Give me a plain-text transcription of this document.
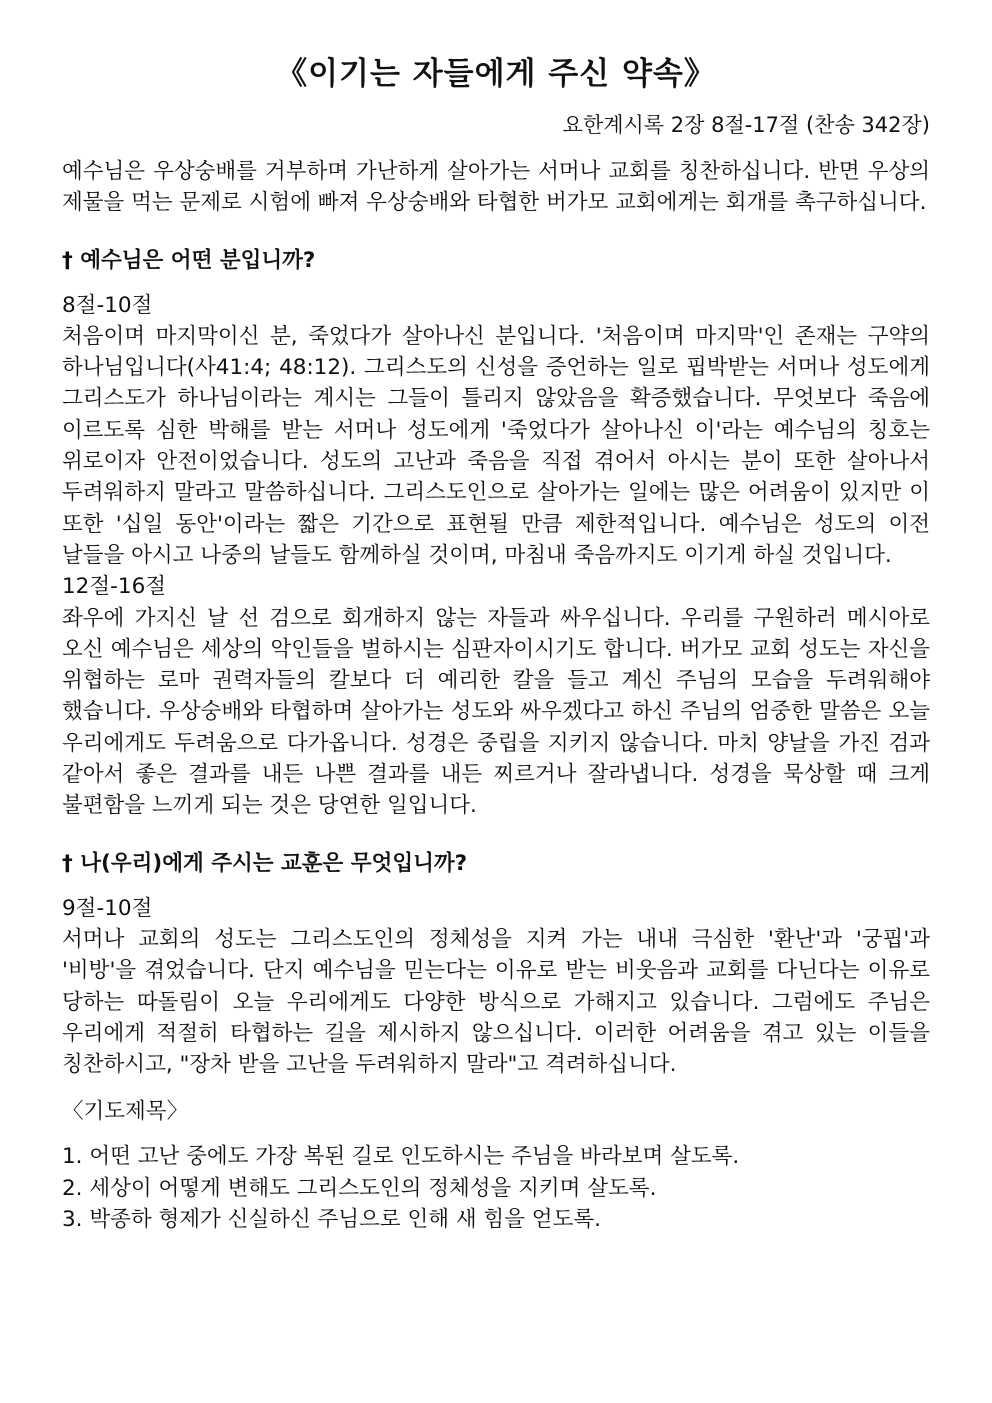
《이기는 자들에게 주신 약속》
요한계시록 2장 8절-17절 (찬송 342장)

예수님은 우상숭배를 거부하며 가난하게 살아가는 서머나 교회를 칭찬하십니다. 반면 우상의 제물을 먹는 문제로 시험에 빠져 우상숭배와 타협한 버가모 교회에게는 회개를 촉구하십니다.

† 예수님은 어떤 분입니까?
8절-10절

처음이며 마지막이신 분, 죽었다가 살아나신 분입니다. '처음이며 마지막'인 존재는 구약의 하나님입니다(사41:4; 48:12). 그리스도의 신성을 증언하는 일로 핍박받는 서머나 성도에게 그리스도가 하나님이라는 계시는 그들이 틀리지 않았음을 확증했습니다. 무엇보다 죽음에 이르도록 심한 박해를 받는 서머나 성도에게 '죽었다가 살아나신 이'라는 예수님의 칭호는 위로이자 안전이었습니다. 성도의 고난과 죽음을 직접 겪어서 아시는 분이 또한 살아나서 두려워하지 말라고 말씀하십니다. 그리스도인으로 살아가는 일에는 많은 어려움이 있지만 이 또한 '십일 동안'이라는 짧은 기간으로 표현될 만큼 제한적입니다. 예수님은 성도의 이전 날들을 아시고 나중의 날들도 함께하실 것이며, 마침내 죽음까지도 이기게 하실 것입니다.

12절-16절

좌우에 가지신 날 선 검으로 회개하지 않는 자들과 싸우십니다. 우리를 구원하러 메시아로 오신 예수님은 세상의 악인들을 벌하시는 심판자이시기도 합니다. 버가모 교회 성도는 자신을 위협하는 로마 권력자들의 칼보다 더 예리한 칼을 들고 계신 주님의 모습을 두려워해야 했습니다. 우상숭배와 타협하며 살아가는 성도와 싸우겠다고 하신 주님의 엄중한 말씀은 오늘 우리에게도 두려움으로 다가옵니다. 성경은 중립을 지키지 않습니다. 마치 양날을 가진 검과 같아서 좋은 결과를 내든 나쁜 결과를 내든 찌르거나 잘라냅니다. 성경을 묵상할 때 크게 불편함을 느끼게 되는 것은 당연한 일입니다.

† 나(우리)에게 주시는 교훈은 무엇입니까?
9절-10절

서머나 교회의 성도는 그리스도인의 정체성을 지켜 가는 내내 극심한 '환난'과 '궁핍'과 '비방'을 겪었습니다. 단지 예수님을 믿는다는 이유로 받는 비웃음과 교회를 다닌다는 이유로 당하는 따돌림이 오늘 우리에게도 다양한 방식으로 가해지고 있습니다. 그럼에도 주님은 우리에게 적절히 타협하는 길을 제시하지 않으십니다. 이러한 어려움을 겪고 있는 이들을 칭찬하시고, "장차 받을 고난을 두려워하지 말라"고 격려하십니다.

〈기도제목〉
1. 어떤 고난 중에도 가장 복된 길로 인도하시는 주님을 바라보며 살도록.
2. 세상이 어떻게 변해도 그리스도인의 정체성을 지키며 살도록.
3. 박종하 형제가 신실하신 주님으로 인해 새 힘을 얻도록.
